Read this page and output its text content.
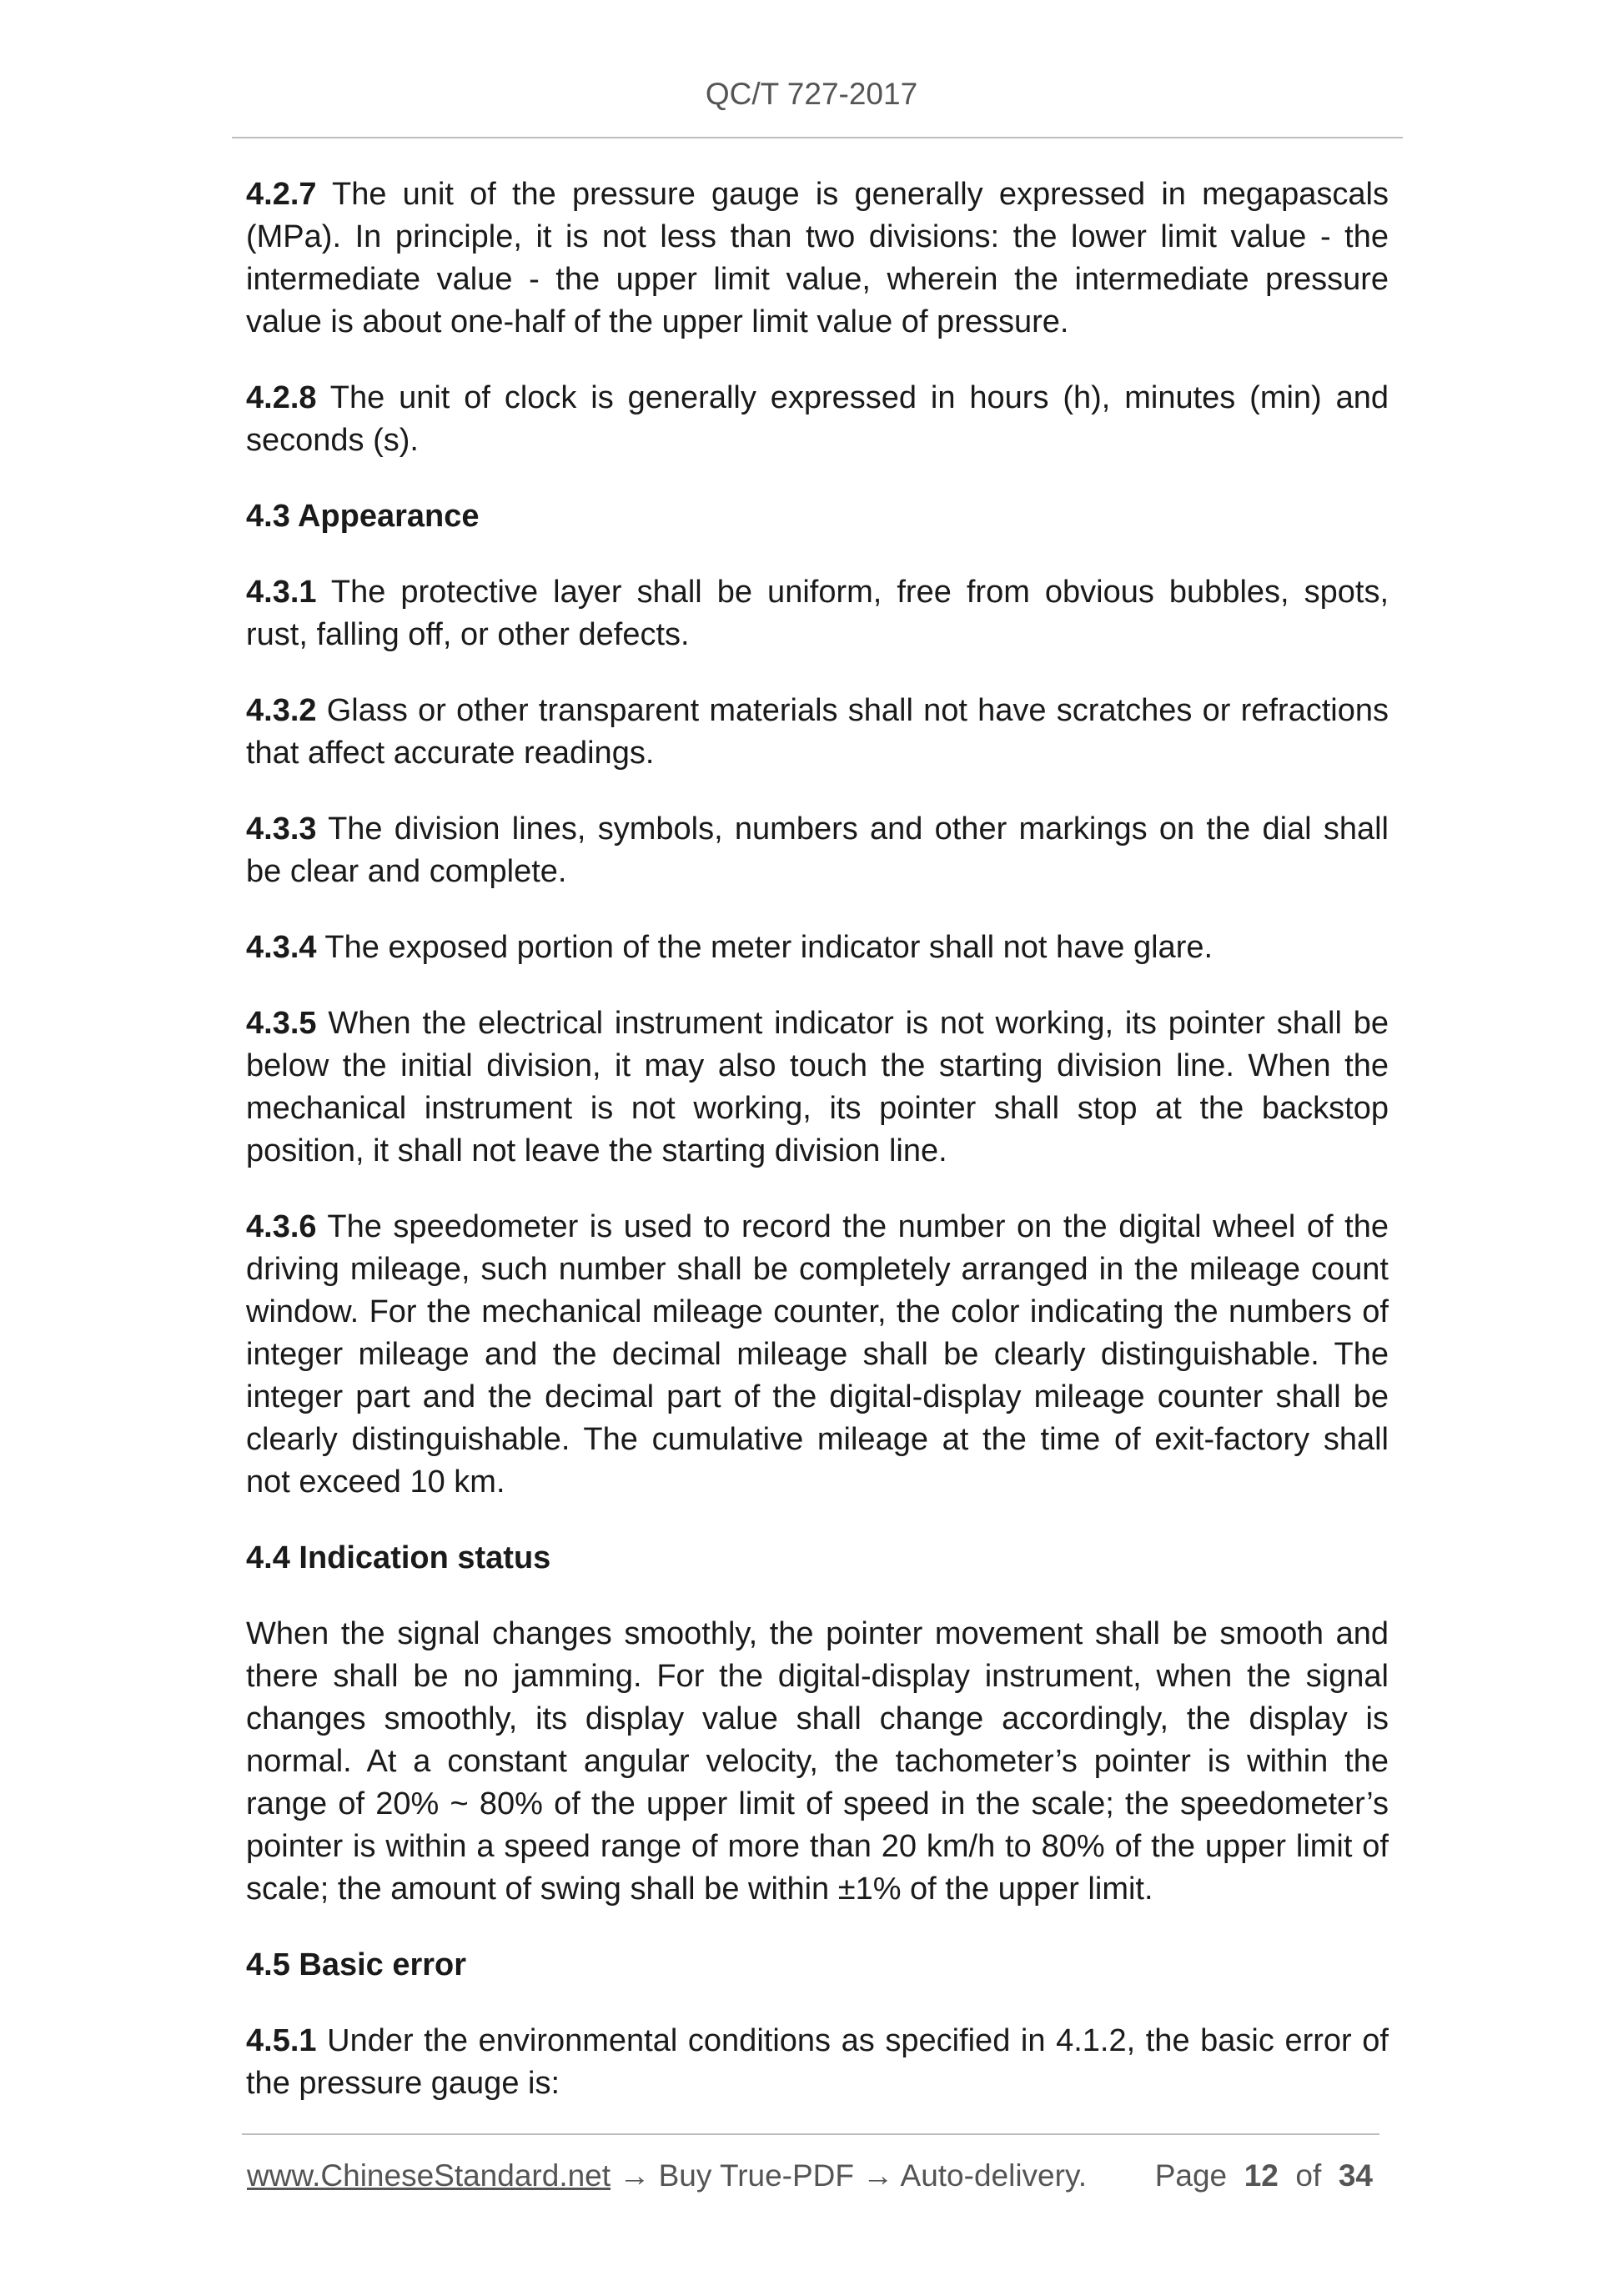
QC/T 727-2017

4.2.7 The unit of the pressure gauge is generally expressed in megapascals (MPa). In principle, it is not less than two divisions: the lower limit value - the intermediate value - the upper limit value, wherein the intermediate pressure value is about one-half of the upper limit value of pressure.

4.2.8 The unit of clock is generally expressed in hours (h), minutes (min) and seconds (s).

4.3 Appearance

4.3.1 The protective layer shall be uniform, free from obvious bubbles, spots, rust, falling off, or other defects.

4.3.2 Glass or other transparent materials shall not have scratches or refractions that affect accurate readings.

4.3.3 The division lines, symbols, numbers and other markings on the dial shall be clear and complete.

4.3.4 The exposed portion of the meter indicator shall not have glare.

4.3.5 When the electrical instrument indicator is not working, its pointer shall be below the initial division, it may also touch the starting division line. When the mechanical instrument is not working, its pointer shall stop at the backstop position, it shall not leave the starting division line.

4.3.6 The speedometer is used to record the number on the digital wheel of the driving mileage, such number shall be completely arranged in the mileage count window. For the mechanical mileage counter, the color indicating the numbers of integer mileage and the decimal mileage shall be clearly distinguishable. The integer part and the decimal part of the digital-display mileage counter shall be clearly distinguishable. The cumulative mileage at the time of exit-factory shall not exceed 10 km.

4.4 Indication status

When the signal changes smoothly, the pointer movement shall be smooth and there shall be no jamming. For the digital-display instrument, when the signal changes smoothly, its display value shall change accordingly, the display is normal. At a constant angular velocity, the tachometer’s pointer is within the range of 20% ~ 80% of the upper limit of speed in the scale; the speedometer’s pointer is within a speed range of more than 20 km/h to 80% of the upper limit of scale; the amount of swing shall be within ±1% of the upper limit.

4.5 Basic error

4.5.1 Under the environmental conditions as specified in 4.1.2, the basic error of the pressure gauge is:

www.ChineseStandard.net → Buy True-PDF → Auto-delivery. Page 12 of 34
